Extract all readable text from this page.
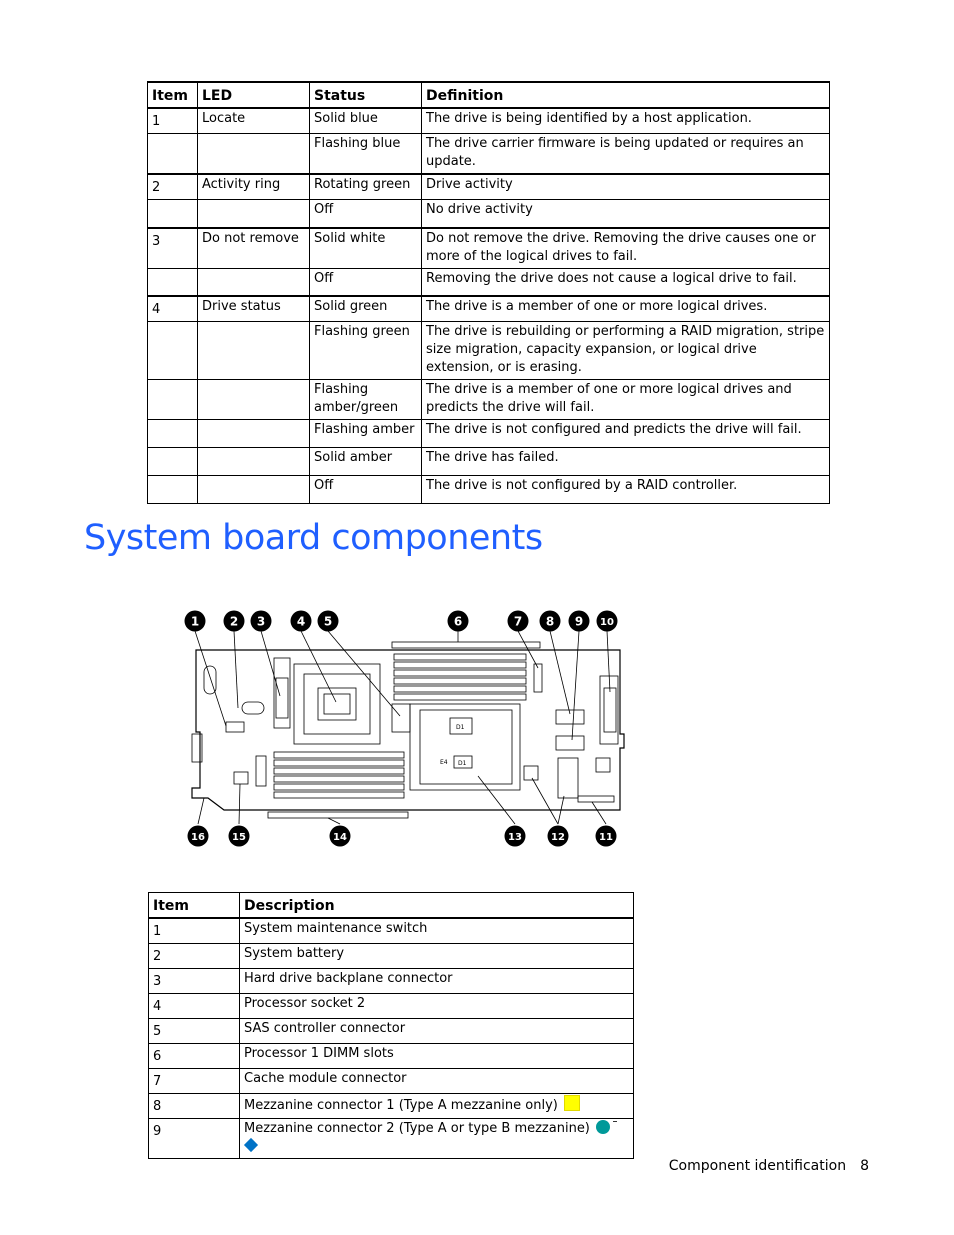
Item	LED	Status	Definition
1	Locate	Solid blue	The drive is being identified by a host application.
		Flashing blue	The drive carrier firmware is being updated or requires an update.
2	Activity ring	Rotating green	Drive activity
		Off	No drive activity
3	Do not remove	Solid white	Do not remove the drive. Removing the drive causes one or more of the logical drives to fail.
		Off	Removing the drive does not cause a logical drive to fail.
4	Drive status	Solid green	The drive is a member of one or more logical drives.
		Flashing green	The drive is rebuilding or performing a RAID migration, stripe size migration, capacity expansion, or logical drive extension, or is erasing.
		Flashing amber/green	The drive is a member of one or more logical drives and predicts the drive will fail.
		Flashing amber	The drive is not configured and predicts the drive will fail.
		Solid amber	The drive has failed.
		Off	The drive is not configured by a RAID controller.
System board components
D1
D1
E4
1	2 3	4 5	6	7 8 9 10
16	15	14	13	12	11
Item	Description
1	System maintenance switch
2	System battery
3	Hard drive backplane connector
4	Processor socket 2
5	SAS controller connector
6	Processor 1 DIMM slots
7	Cache module connector
8	Mezzanine connector 1 (Type A mezzanine only)
9	Mezzanine connector 2 (Type A or type B mezzanine)
Component identification 8
